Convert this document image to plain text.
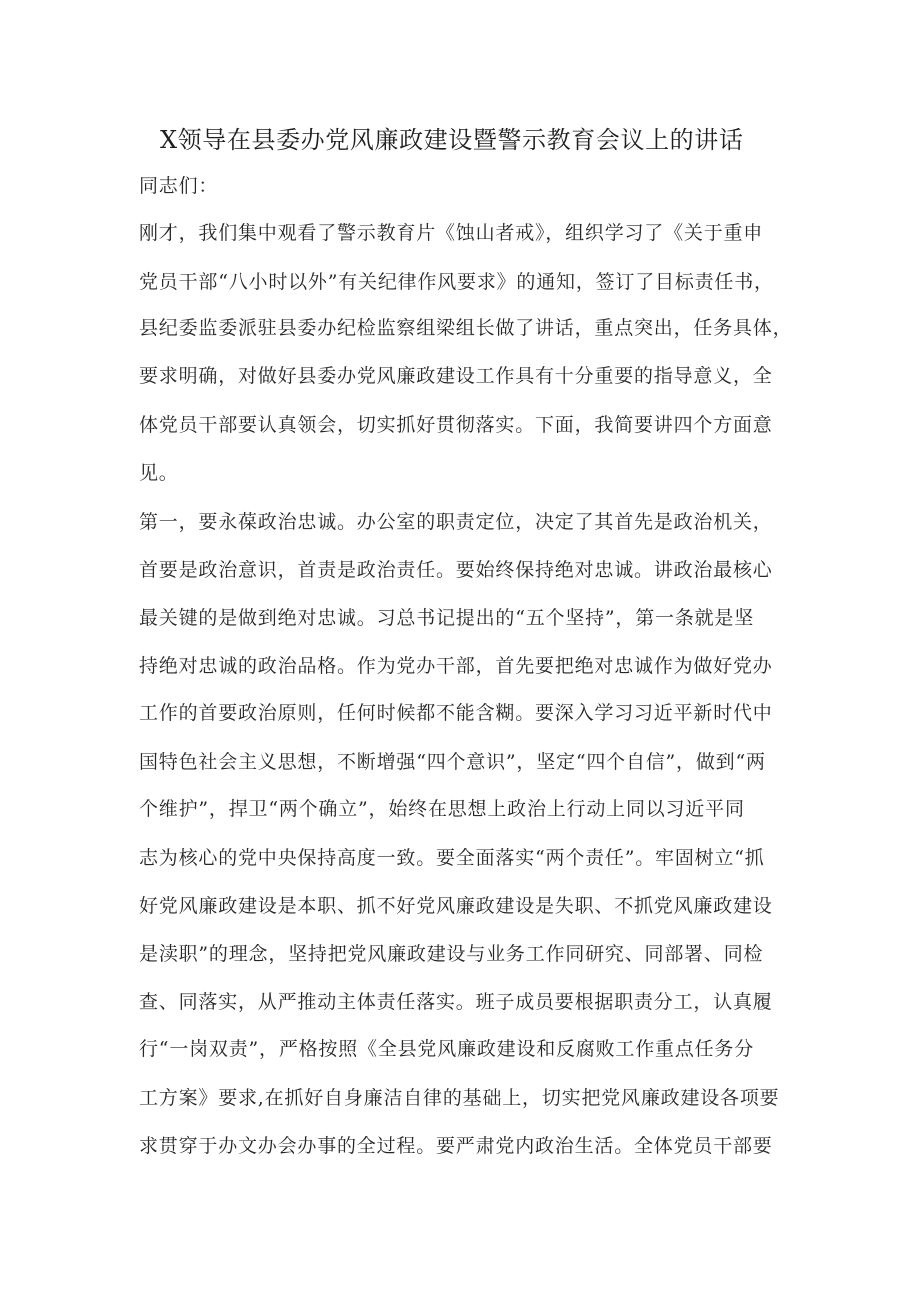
X领导在县委办党风廉政建设暨警示教育会议上的讲话
同志们：
刚才，我们集中观看了警示教育片《蚀山者戒》，组织学习了《关于重申
党员干部“八小时以外”有关纪律作风要求》的通知，签订了目标责任书，
县纪委监委派驻县委办纪检监察组梁组长做了讲话，重点突出，任务具体，
要求明确，对做好县委办党风廉政建设工作具有十分重要的指导意义，全
体党员干部要认真领会，切实抓好贯彻落实。下面，我简要讲四个方面意
见。
第一，要永葆政治忠诚。办公室的职责定位，决定了其首先是政治机关，
首要是政治意识，首责是政治责任。要始终保持绝对忠诚。讲政治最核心
最关键的是做到绝对忠诚。习总书记提出的“五个坚持”，第一条就是坚
持绝对忠诚的政治品格。作为党办干部，首先要把绝对忠诚作为做好党办
工作的首要政治原则，任何时候都不能含糊。要深入学习习近平新时代中
国特色社会主义思想，不断增强“四个意识”，坚定“四个自信”，做到“两
个维护”，捍卫“两个确立”，始终在思想上政治上行动上同以习近平同
志为核心的党中央保持高度一致。要全面落实“两个责任”。牢固树立“抓
好党风廉政建设是本职、抓不好党风廉政建设是失职、不抓党风廉政建设
是渎职”的理念，坚持把党风廉政建设与业务工作同研究、同部署、同检
查、同落实，从严推动主体责任落实。班子成员要根据职责分工，认真履
行“一岗双责”，严格按照《全县党风廉政建设和反腐败工作重点任务分
工方案》要求,在抓好自身廉洁自律的基础上，切实把党风廉政建设各项要
求贯穿于办文办会办事的全过程。要严肃党内政治生活。全体党员干部要
